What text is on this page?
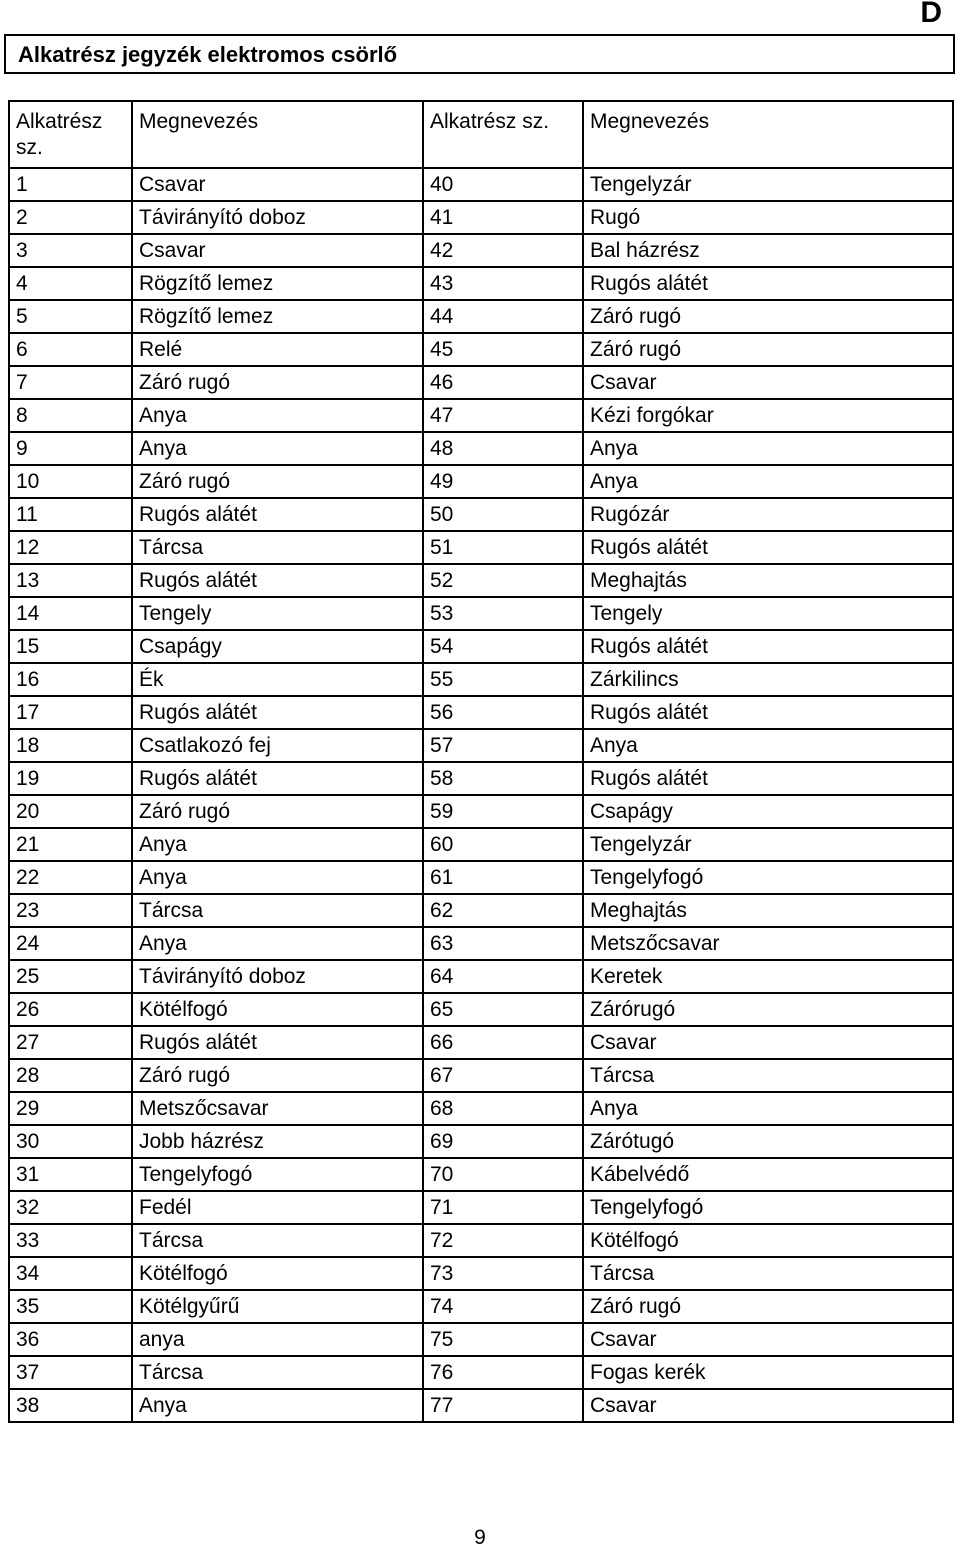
D
Alkatrész jegyzék elektromos csörlő
Alkatrész sz.	Megnevezés	Alkatrész sz.	Megnevezés
1	Csavar	40	Tengelyzár
2	Távirányító doboz	41	Rugó
3	Csavar	42	Bal házrész
4	Rögzítő lemez	43	Rugós alátét
5	Rögzítő lemez	44	Záró rugó
6	Relé	45	Záró rugó
7	Záró rugó	46	Csavar
8	Anya	47	Kézi forgókar
9	Anya	48	Anya
10	Záró rugó	49	Anya
11	Rugós alátét	50	Rugózár
12	Tárcsa	51	Rugós alátét
13	Rugós alátét	52	Meghajtás
14	Tengely	53	Tengely
15	Csapágy	54	Rugós alátét
16	Ék	55	Zárkilincs
17	Rugós alátét	56	Rugós alátét
18	Csatlakozó fej	57	Anya
19	Rugós alátét	58	Rugós alátét
20	Záró rugó	59	Csapágy
21	Anya	60	Tengelyzár
22	Anya	61	Tengelyfogó
23	Tárcsa	62	Meghajtás
24	Anya	63	Metszőcsavar
25	Távirányító doboz	64	Keretek
26	Kötélfogó	65	Zárórugó
27	Rugós alátét	66	Csavar
28	Záró rugó	67	Tárcsa
29	Metszőcsavar	68	Anya
30	Jobb házrész	69	Zárótugó
31	Tengelyfogó	70	Kábelvédő
32	Fedél	71	Tengelyfogó
33	Tárcsa	72	Kötélfogó
34	Kötélfogó	73	Tárcsa
35	Kötélgyűrű	74	Záró rugó
36	anya	75	Csavar
37	Tárcsa	76	Fogas kerék
38	Anya	77	Csavar
9
